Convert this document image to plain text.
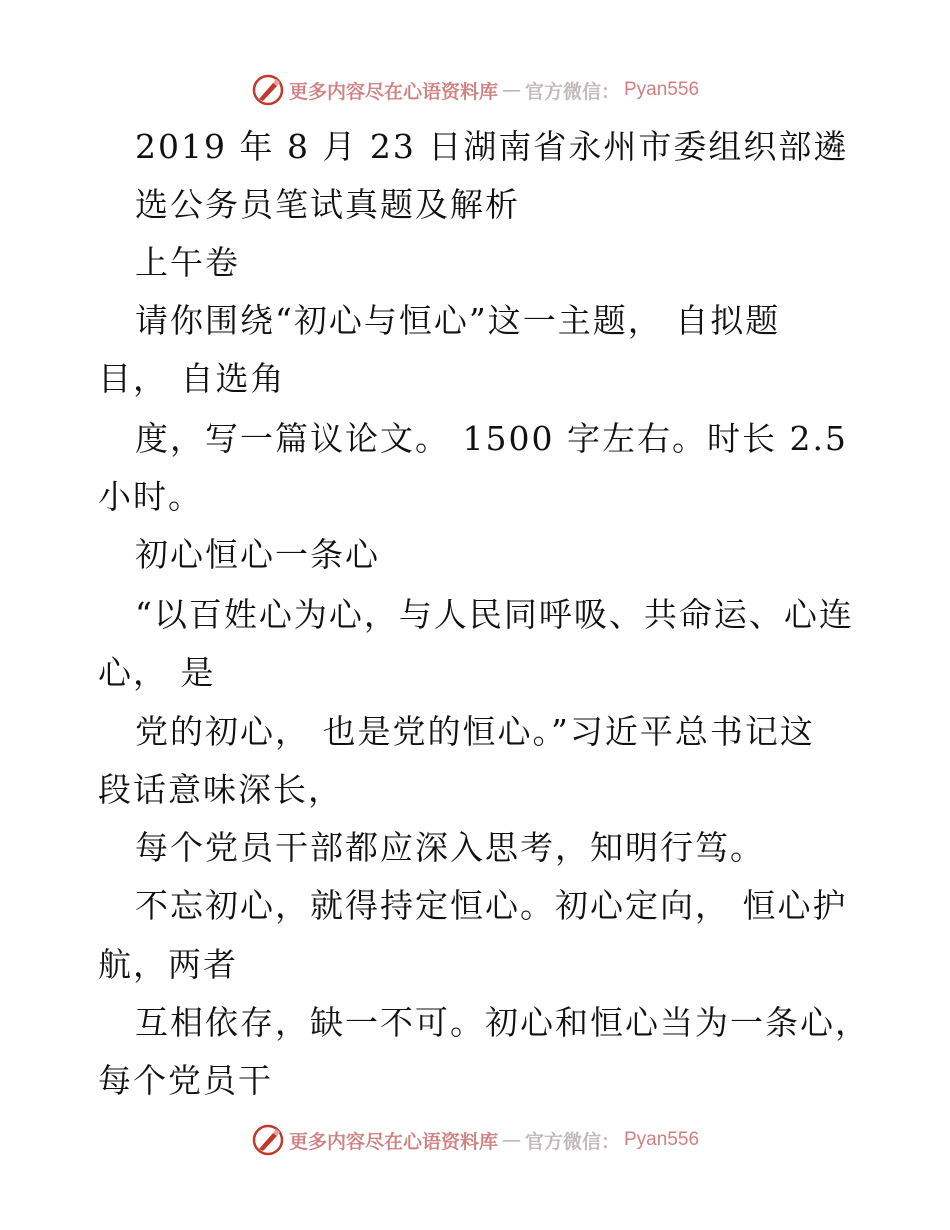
更多内容尽在心语资料库 — 官方微信： Pyan556
2019 年 8 月 23 日湖南省永州市委组织部遴
选公务员笔试真题及解析
上午卷
请你围绕“初心与恒心”这一主题， 自拟题
目， 自选角
度，写一篇议论文。 1500 字左右。时长 2.5
小时。
初心恒心一条心
“以百姓心为心，与人民同呼吸、共命运、心连
心， 是
党的初心， 也是党的恒心。”习近平总书记这
段话意味深长，
每个党员干部都应深入思考，知明行笃。
不忘初心，就得持定恒心。初心定向， 恒心护
航，两者
互相依存，缺一不可。初心和恒心当为一条心，
每个党员干
更多内容尽在心语资料库 — 官方微信： Pyan556
